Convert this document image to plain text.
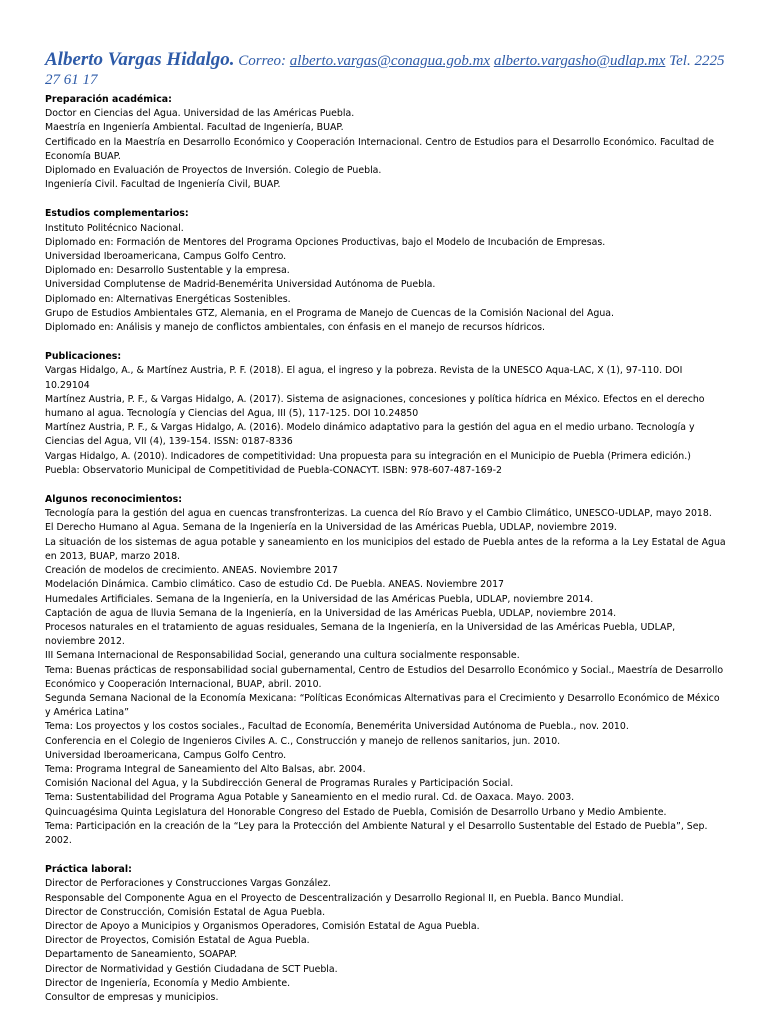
Alberto Vargas Hidalgo. Correo: alberto.vargas@conagua.gob.mx alberto.vargasho@udlap.mx Tel. 2225 27 61 17
Preparación académica:
Doctor en Ciencias del Agua. Universidad de las Américas Puebla.
Maestría en Ingeniería Ambiental. Facultad de Ingeniería, BUAP.
Certificado en la Maestría en Desarrollo Económico y Cooperación Internacional. Centro de Estudios para el Desarrollo Económico. Facultad de Economía BUAP.
Diplomado en Evaluación de Proyectos de Inversión. Colegio de Puebla.
Ingeniería Civil. Facultad de Ingeniería Civil, BUAP.
Estudios complementarios:
Instituto Politécnico Nacional.
Diplomado en: Formación de Mentores del Programa Opciones Productivas, bajo el Modelo de Incubación de Empresas.
Universidad Iberoamericana, Campus Golfo Centro.
Diplomado en: Desarrollo Sustentable y la empresa.
Universidad Complutense de Madrid-Benemérita Universidad Autónoma de Puebla.
Diplomado en: Alternativas Energéticas Sostenibles.
Grupo de Estudios Ambientales GTZ, Alemania, en el Programa de Manejo de Cuencas de la Comisión Nacional del Agua.
Diplomado en: Análisis y manejo de conflictos ambientales, con énfasis en el manejo de recursos hídricos.
Publicaciones:
Vargas Hidalgo, A., & Martínez Austria, P. F. (2018). El agua, el ingreso y la pobreza. Revista de la UNESCO Aqua-LAC, X (1), 97-110. DOI 10.29104
Martínez Austria, P. F., & Vargas Hidalgo, A. (2017). Sistema de asignaciones, concesiones y política hídrica en México. Efectos en el derecho humano al agua. Tecnología y Ciencias del Agua, III (5), 117-125. DOI 10.24850
Martínez Austria, P. F., & Vargas Hidalgo, A. (2016). Modelo dinámico adaptativo para la gestión del agua en el medio urbano. Tecnología y Ciencias del Agua, VII (4), 139-154. ISSN: 0187-8336
Vargas Hidalgo, A. (2010). Indicadores de competitividad: Una propuesta para su integración en el Municipio de Puebla (Primera edición.) Puebla: Observatorio Municipal de Competitividad de Puebla-CONACYT. ISBN: 978-607-487-169-2
Algunos reconocimientos:
Tecnología para la gestión del agua en cuencas transfronterizas. La cuenca del Río Bravo y el Cambio Climático, UNESCO-UDLAP, mayo 2018.
El Derecho Humano al Agua. Semana de la Ingeniería en la Universidad de las Américas Puebla, UDLAP, noviembre 2019.
La situación de los sistemas de agua potable y saneamiento en los municipios del estado de Puebla antes de la reforma a la Ley Estatal de Agua en 2013, BUAP, marzo 2018.
Creación de modelos de crecimiento. ANEAS. Noviembre 2017
Modelación Dinámica. Cambio climático. Caso de estudio Cd. De Puebla. ANEAS. Noviembre 2017
Humedales Artificiales. Semana de la Ingeniería, en la Universidad de las Américas Puebla, UDLAP, noviembre 2014.
Captación de agua de lluvia Semana de la Ingeniería, en la Universidad de las Américas Puebla, UDLAP, noviembre 2014.
Procesos naturales en el tratamiento de aguas residuales, Semana de la Ingeniería, en la Universidad de las Américas Puebla, UDLAP, noviembre 2012.
III Semana Internacional de Responsabilidad Social, generando una cultura socialmente responsable.
Tema: Buenas prácticas de responsabilidad social gubernamental, Centro de Estudios del Desarrollo Económico y Social., Maestría de Desarrollo Económico y Cooperación Internacional, BUAP, abril. 2010.
Segunda Semana Nacional de la Economía Mexicana: “Políticas Económicas Alternativas para el Crecimiento y Desarrollo Económico de México y América Latina”
Tema: Los proyectos y los costos sociales., Facultad de Economía, Benemérita Universidad Autónoma de Puebla., nov. 2010.
Conferencia en el Colegio de Ingenieros Civiles A. C., Construcción y manejo de rellenos sanitarios, jun. 2010.
Universidad Iberoamericana, Campus Golfo Centro.
Tema: Programa Integral de Saneamiento del Alto Balsas, abr. 2004.
Comisión Nacional del Agua, y la Subdirección General de Programas Rurales y Participación Social.
Tema: Sustentabilidad del Programa Agua Potable y Saneamiento en el medio rural. Cd. de Oaxaca. Mayo. 2003.
Quincuagésima Quinta Legislatura del Honorable Congreso del Estado de Puebla, Comisión de Desarrollo Urbano y Medio Ambiente.
Tema: Participación en la creación de la “Ley para la Protección del Ambiente Natural y el Desarrollo Sustentable del Estado de Puebla”, Sep. 2002.
Práctica laboral:
Director de Perforaciones y Construcciones Vargas González.
Responsable del Componente Agua en el Proyecto de Descentralización y Desarrollo Regional II, en Puebla. Banco Mundial.
Director de Construcción, Comisión Estatal de Agua Puebla.
Director de Apoyo a Municipios y Organismos Operadores, Comisión Estatal de Agua Puebla.
Director de Proyectos, Comisión Estatal de Agua Puebla.
Departamento de Saneamiento, SOAPAP.
Director de Normatividad y Gestión Ciudadana de SCT Puebla.
Director de Ingeniería, Economía y Medio Ambiente.
Consultor de empresas y municipios.
